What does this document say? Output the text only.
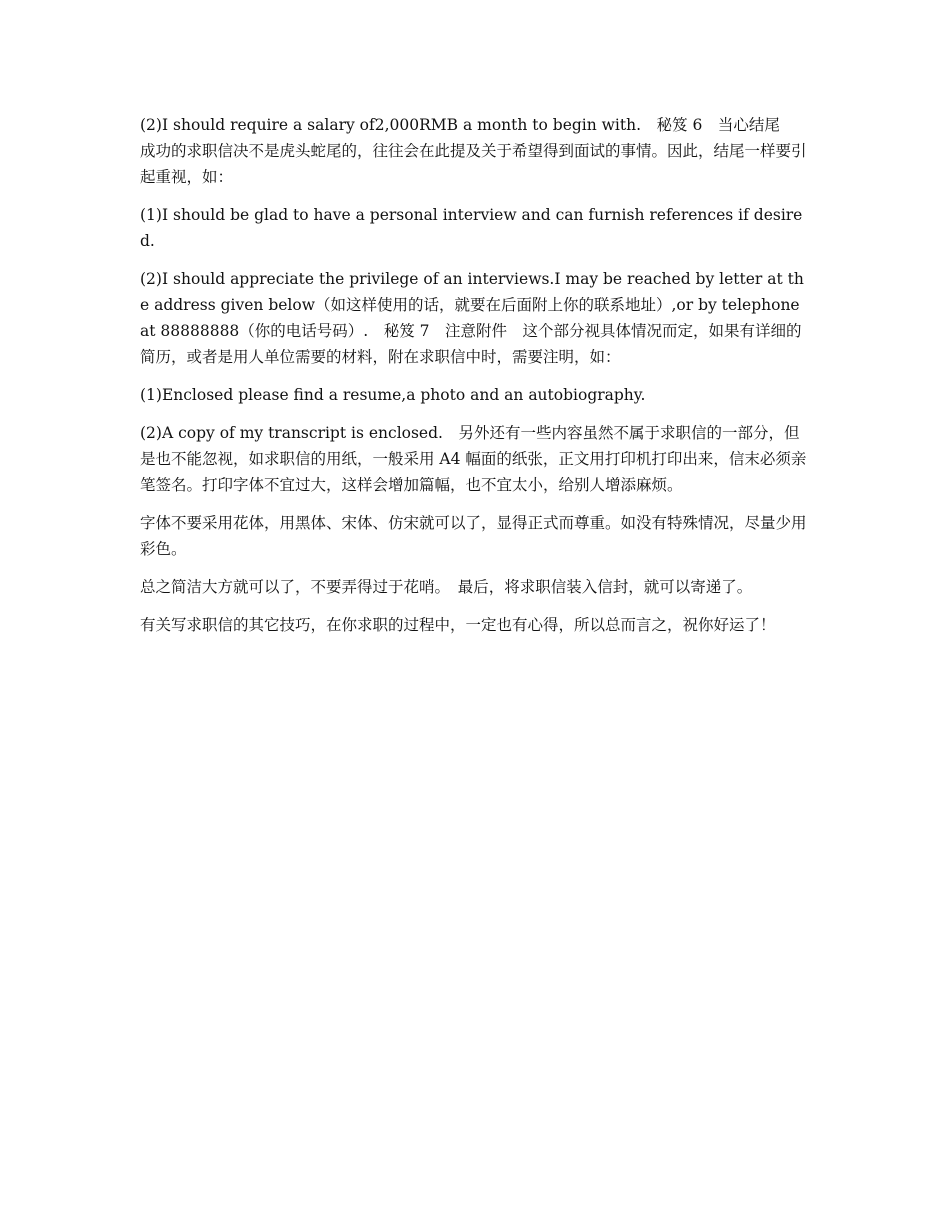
(2)I should require a salary of2,000RMB a month to begin with.　秘笈 6　当心结尾　成功的求职信决不是虎头蛇尾的，往往会在此提及关于希望得到面试的事情。因此，结尾一样要引起重视，如：

(1)I should be glad to have a personal interview and can furnish references if desired.

(2)I should appreciate the privilege of an interviews.I may be reached by letter at the address given below（如这样使用的话，就要在后面附上你的联系地址）,or by telephone at 88888888（你的电话号码）.　秘笈 7　注意附件　这个部分视具体情况而定，如果有详细的简历，或者是用人单位需要的材料，附在求职信中时，需要注明，如：

(1)Enclosed please find a resume,a photo and an autobiography.

(2)A copy of my transcript is enclosed.　另外还有一些内容虽然不属于求职信的一部分，但是也不能忽视，如求职信的用纸，一般采用 A4 幅面的纸张，正文用打印机打印出来，信末必须亲笔签名。打印字体不宜过大，这样会增加篇幅，也不宜太小，给别人增添麻烦。

字体不要采用花体，用黑体、宋体、仿宋就可以了，显得正式而尊重。如没有特殊情况，尽量少用彩色。

总之简洁大方就可以了，不要弄得过于花哨。　最后，将求职信装入信封，就可以寄递了。

有关写求职信的其它技巧，在你求职的过程中，一定也有心得，所以总而言之，祝你好运了！
